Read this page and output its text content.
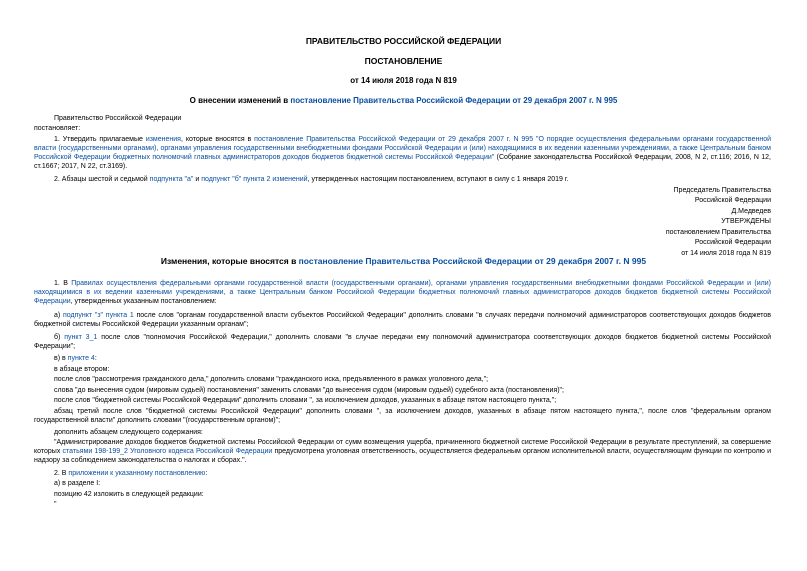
ПРАВИТЕЛЬСТВО РОССИЙСКОЙ ФЕДЕРАЦИИ
ПОСТАНОВЛЕНИЕ
от 14 июля 2018 года N 819
О внесении изменений в постановление Правительства Российской Федерации от 29 декабря 2007 г. N 995
Правительство Российской Федерации
постановляет:
1. Утвердить прилагаемые изменения, которые вносятся в постановление Правительства Российской Федерации от 29 декабря 2007 г. N 995 "О порядке осуществления федеральными органами государственной власти (государственными органами), органами управления государственными внебюджетными фондами Российской Федерации и (или) находящимися в их ведении казенными учреждениями, а также Центральным банком Российской Федерации бюджетных полномочий главных администраторов доходов бюджетов бюджетной системы Российской Федерации" (Собрание законодательства Российской Федерации, 2008, N 2, ст.116; 2016, N 12, ст.1667; 2017, N 22, ст.3169).
2. Абзацы шестой и седьмой подпункта "а" и подпункт "б" пункта 2 изменений, утвержденных настоящим постановлением, вступают в силу с 1 января 2019 г.
Председатель Правительства
Российской Федерации
Д.Медведев
УТВЕРЖДЕНЫ
постановлением Правительства
Российской Федерации
от 14 июля 2018 года N 819
Изменения, которые вносятся в постановление Правительства Российской Федерации от 29 декабря 2007 г. N 995
1. В Правилах осуществления федеральными органами государственной власти (государственными органами), органами управления государственными внебюджетными фондами Российской Федерации и (или) находящимися в их ведении казенными учреждениями, а также Центральным банком Российской Федерации бюджетных полномочий главных администраторов доходов бюджетов бюджетной системы Российской Федерации, утвержденных указанным постановлением:
а) подпункт "з" пункта 1 после слов "органам государственной власти субъектов Российской Федерации" дополнить словами "в случаях передачи полномочий администраторов соответствующих доходов бюджетов бюджетной системы Российской Федерации указанным органам";
б) пункт 3_1 после слов "полномочия Российской Федерации," дополнить словами "в случае передачи ему полномочий администратора соответствующих доходов бюджетов бюджетной системы Российской Федерации";
в) в пункте 4:
в абзаце втором:
после слов "рассмотрения гражданского дела," дополнить словами "гражданского иска, предъявленного в рамках уголовного дела,";
слова "до вынесения судом (мировым судьей) постановления" заменить словами "до вынесения судом (мировым судьей) судебного акта (постановления)";
после слов "бюджетной системы Российской Федерации" дополнить словами ", за исключением доходов, указанных в абзаце пятом настоящего пункта,";
абзац третий после слов "бюджетной системы Российской Федерации" дополнить словами ", за исключением доходов, указанных в абзаце пятом настоящего пункта,", после слов "федеральным органом государственной власти" дополнить словами "(государственным органом)";
дополнить абзацем следующего содержания:
"Администрирование доходов бюджетов бюджетной системы Российской Федерации от сумм возмещения ущерба, причиненного бюджетной системе Российской Федерации в результате преступлений, за совершение которых статьями 198-199_2 Уголовного кодекса Российской Федерации предусмотрена уголовная ответственность, осуществляется федеральным органом исполнительной власти, осуществляющим функции по контролю и надзору за соблюдением законодательства о налогах и сборах.".
2. В приложении к указанному постановлению:
а) в разделе I:
позицию 42 изложить в следующей редакции:
"
